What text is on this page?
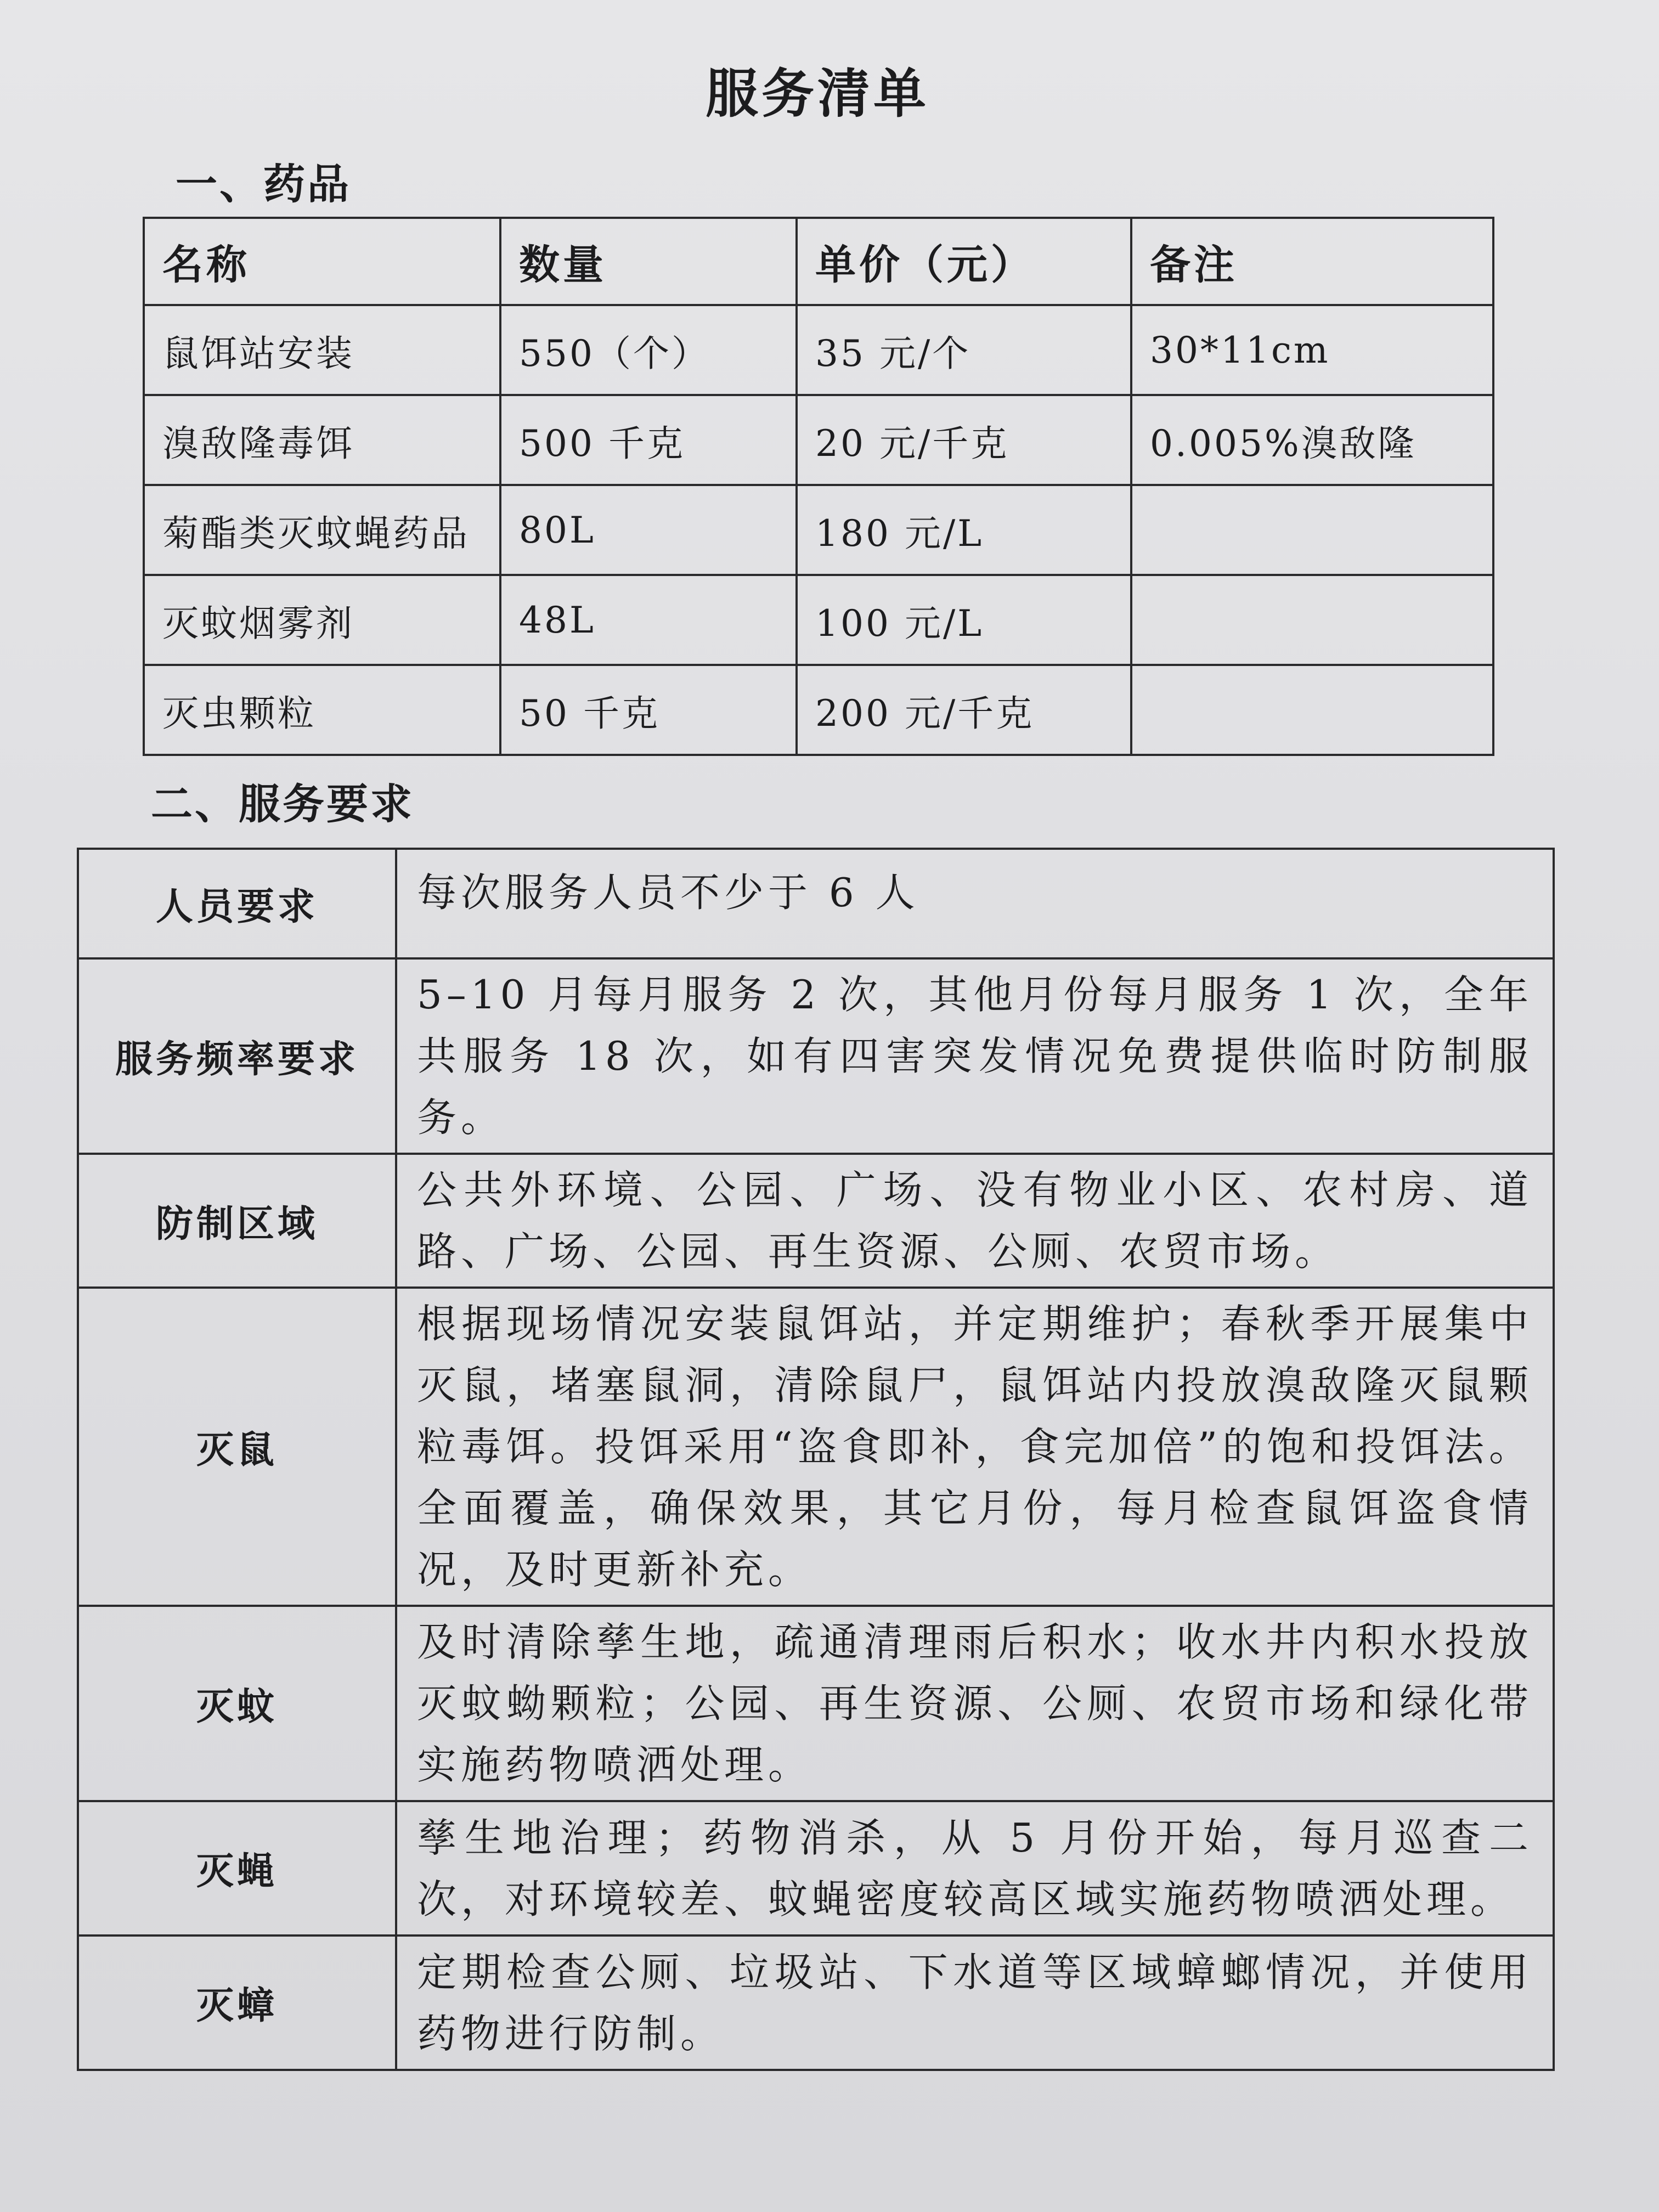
服务清单
一、药品
名称	数量	单价（元）	备注
鼠饵站安装	550（个）	35 元/个	30*11cm
溴敌隆毒饵	500 千克	20 元/千克	0.005%溴敌隆
菊酯类灭蚊蝇药品	80L	180 元/L	
灭蚊烟雾剂	48L	100 元/L	
灭虫颗粒	50 千克	200 元/千克	
二、服务要求
人员要求	每次服务人员不少于 6 人
服务频率要求	5–10 月每月服务 2 次，其他月份每月服务 1 次，全年共服务 18 次，如有四害突发情况免费提供临时防制服务。
防制区域	公共外环境、公园、广场、没有物业小区、农村房、道路、广场、公园、再生资源、公厕、农贸市场。
灭鼠	根据现场情况安装鼠饵站，并定期维护；春秋季开展集中灭鼠，堵塞鼠洞，清除鼠尸，鼠饵站内投放溴敌隆灭鼠颗粒毒饵。投饵采用“盗食即补，食完加倍”的饱和投饵法。全面覆盖，确保效果，其它月份，每月检查鼠饵盗食情况，及时更新补充。
灭蚊	及时清除孳生地，疏通清理雨后积水；收水井内积水投放灭蚊蚴颗粒；公园、再生资源、公厕、农贸市场和绿化带实施药物喷洒处理。
灭蝇	孳生地治理；药物消杀，从 5 月份开始，每月巡查二次，对环境较差、蚊蝇密度较高区域实施药物喷洒处理。
灭蟑	定期检查公厕、垃圾站、下水道等区域蟑螂情况，并使用药物进行防制。
